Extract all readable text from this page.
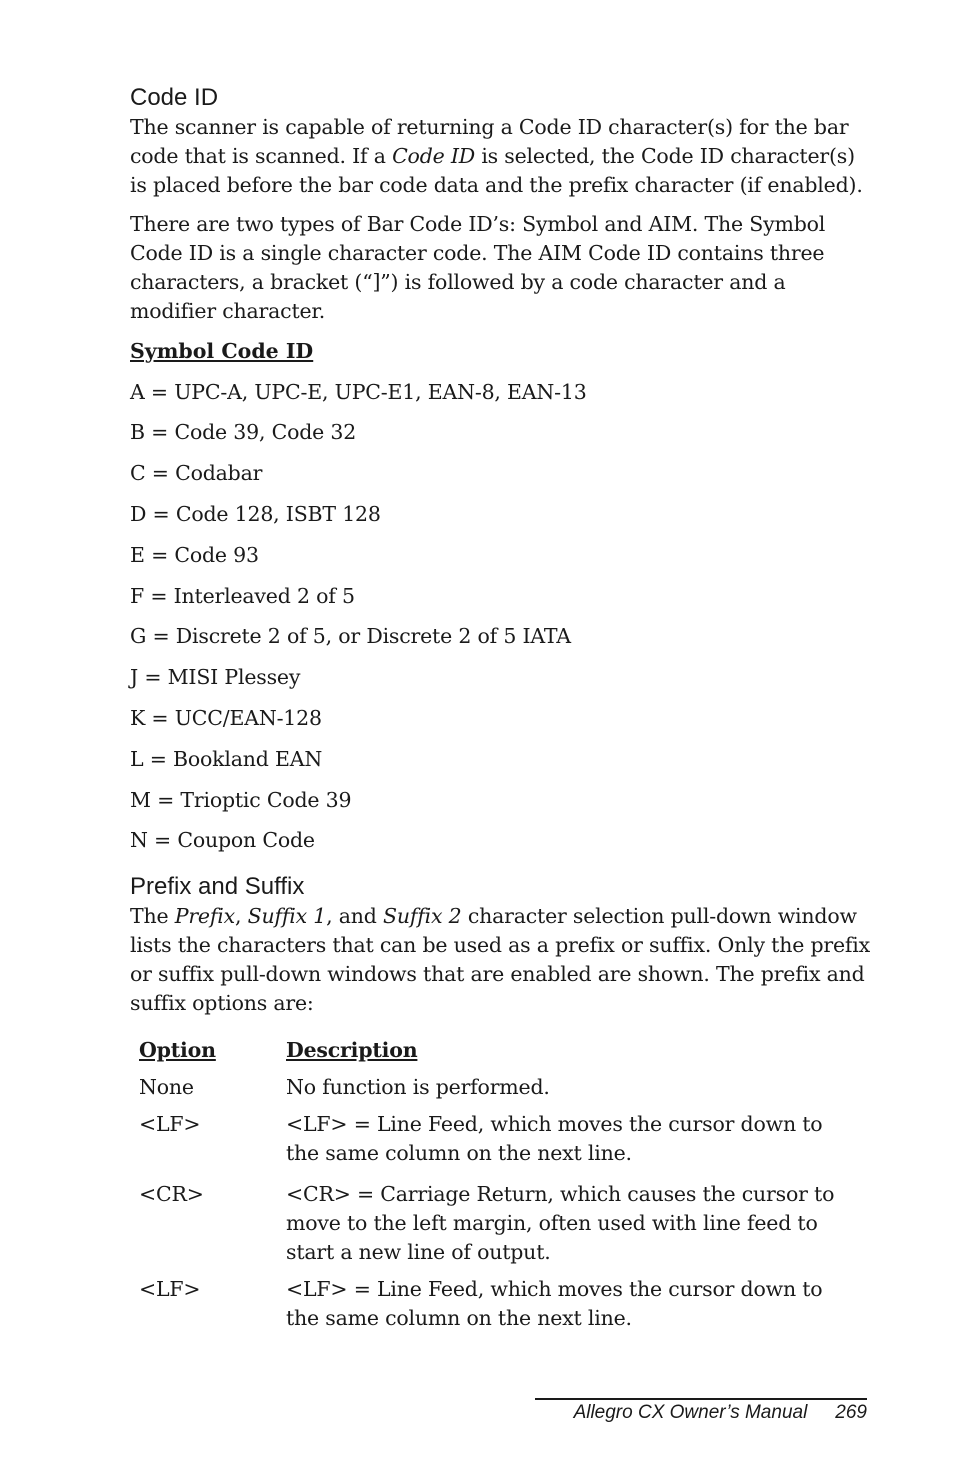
Code ID

The scanner is capable of returning a Code ID character(s) for the bar code that is scanned. If a Code ID is selected, the Code ID character(s) is placed before the bar code data and the prefix character (if enabled).

There are two types of Bar Code ID’s: Symbol and AIM. The Symbol Code ID is a single character code. The AIM Code ID contains three characters, a bracket (“]”) is followed by a code character and a modifier character.

Symbol Code ID

A = UPC-A, UPC-E, UPC-E1, EAN-8, EAN-13
B = Code 39, Code 32
C = Codabar
D = Code 128, ISBT 128
E = Code 93
F = Interleaved 2 of 5
G = Discrete 2 of 5, or Discrete 2 of 5 IATA
J = MISI Plessey
K = UCC/EAN-128
L = Bookland EAN
M = Trioptic Code 39
N = Coupon Code
Prefix and Suffix

The Prefix, Suffix 1, and Suffix 2 character selection pull-down window lists the characters that can be used as a prefix or suffix. Only the prefix or suffix pull-down windows that are enabled are shown. The prefix and suffix options are:

Option	Description
None	No function is performed.
<LF>	<LF> = Line Feed, which moves the cursor down to the same column on the next line.
<CR>	<CR> = Carriage Return, which causes the cursor to move to the left margin, often used with line feed to start a new line of output.
<LF>	<LF> = Line Feed, which moves the cursor down to the same column on the next line.
Allegro CX Owner’s Manual 269
